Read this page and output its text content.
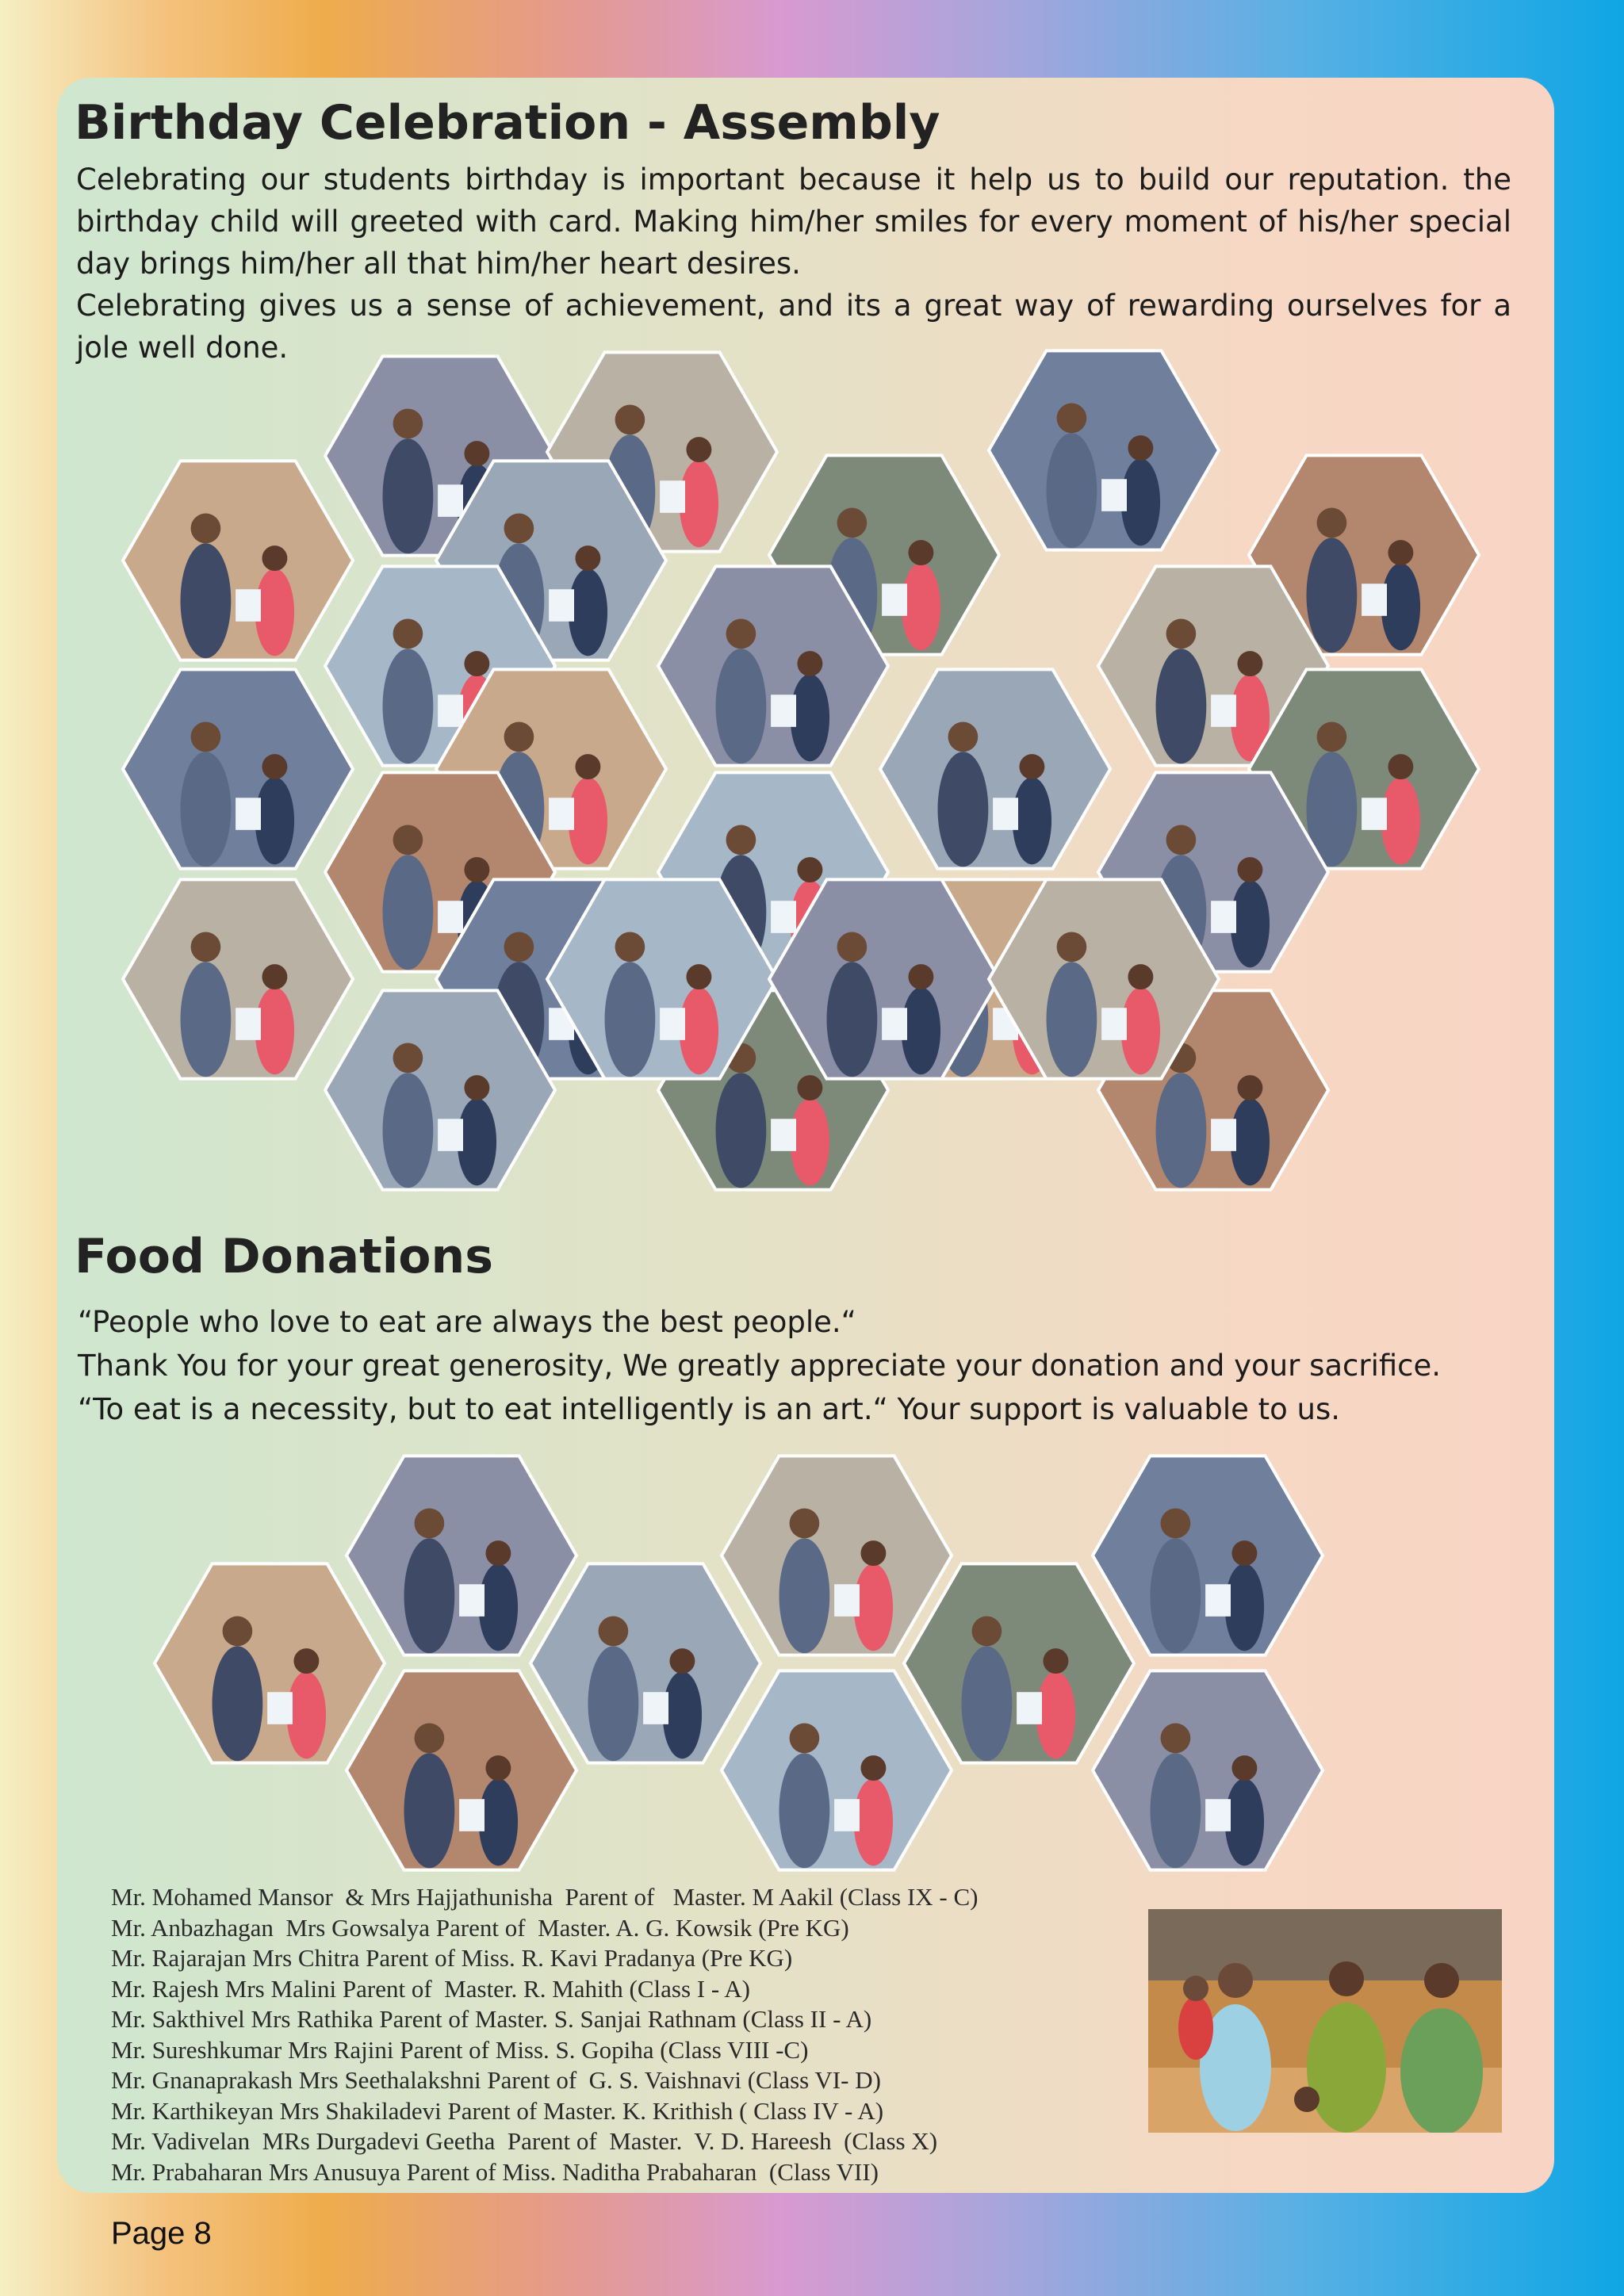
Birthday Celebration - Assembly
Celebrating our students birthday is important because it help us to build our reputation. the birthday child will greeted with card. Making him/her smiles for every moment of his/her special day brings him/her all that him/her heart desires.
Celebrating gives us a sense of achievement, and its a great way of rewarding ourselves for a jole well done.
Food Donations
“People who love to eat are always the best people.“
Thank You for your great generosity, We greatly appreciate your donation and your sacrifice.
“To eat is a necessity, but to eat intelligently is an art.“ Your support is valuable to us.
Mr. Mohamed Mansor  & Mrs Hajjathunisha  Parent of   Master. M Aakil (Class IX - C)
Mr. Anbazhagan  Mrs Gowsalya Parent of  Master. A. G. Kowsik (Pre KG)
Mr. Rajarajan Mrs Chitra Parent of Miss. R. Kavi Pradanya (Pre KG)
Mr. Rajesh Mrs Malini Parent of  Master. R. Mahith (Class I - A)
Mr. Sakthivel Mrs Rathika Parent of Master. S. Sanjai Rathnam (Class II - A)
Mr. Sureshkumar Mrs Rajini Parent of Miss. S. Gopiha (Class VIII -C)
Mr. Gnanaprakash Mrs Seethalakshni Parent of  G. S. Vaishnavi (Class VI- D)
Mr. Karthikeyan Mrs Shakiladevi Parent of Master. K. Krithish ( Class IV - A)
Mr. Vadivelan  MRs Durgadevi Geetha  Parent of  Master.  V. D. Hareesh  (Class X)
Mr. Prabaharan Mrs Anusuya Parent of Miss. Naditha Prabaharan  (Class VII)
Page 8
